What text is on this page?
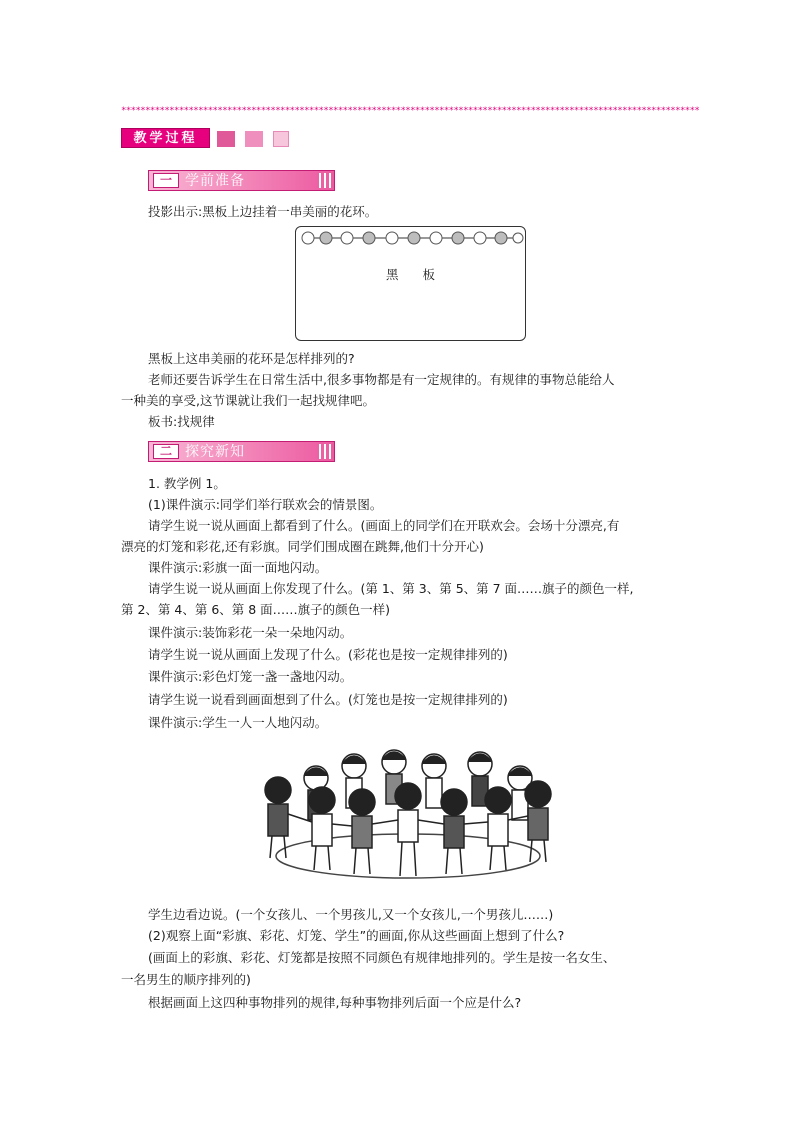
************************************************************************************************************************
教学过程
一 学前准备

投影出示:黑板上边挂着一串美丽的花环。

黑板

黑板上这串美丽的花环是怎样排列的?

老师还要告诉学生在日常生活中,很多事物都是有一定规律的。有规律的事物总能给人

一种美的享受,这节课就让我们一起找规律吧。

板书:找规律

二 探究新知

1. 教学例 1。

(1)课件演示:同学们举行联欢会的情景图。

请学生说一说从画面上都看到了什么。(画面上的同学们在开联欢会。会场十分漂亮,有

漂亮的灯笼和彩花,还有彩旗。同学们围成圈在跳舞,他们十分开心)

课件演示:彩旗一面一面地闪动。

请学生说一说从画面上你发现了什么。(第 1、第 3、第 5、第 7 面……旗子的颜色一样,

第 2、第 4、第 6、第 8 面……旗子的颜色一样)

课件演示:装饰彩花一朵一朵地闪动。

请学生说一说从画面上发现了什么。(彩花也是按一定规律排列的)

课件演示:彩色灯笼一盏一盏地闪动。

请学生说一说看到画面想到了什么。(灯笼也是按一定规律排列的)

课件演示:学生一人一人地闪动。

学生边看边说。(一个女孩儿、一个男孩儿,又一个女孩儿,一个男孩儿……)

(2)观察上面“彩旗、彩花、灯笼、学生”的画面,你从这些画面上想到了什么?

(画面上的彩旗、彩花、灯笼都是按照不同颜色有规律地排列的。学生是按一名女生、

一名男生的顺序排列的)

根据画面上这四种事物排列的规律,每种事物排列后面一个应是什么?
